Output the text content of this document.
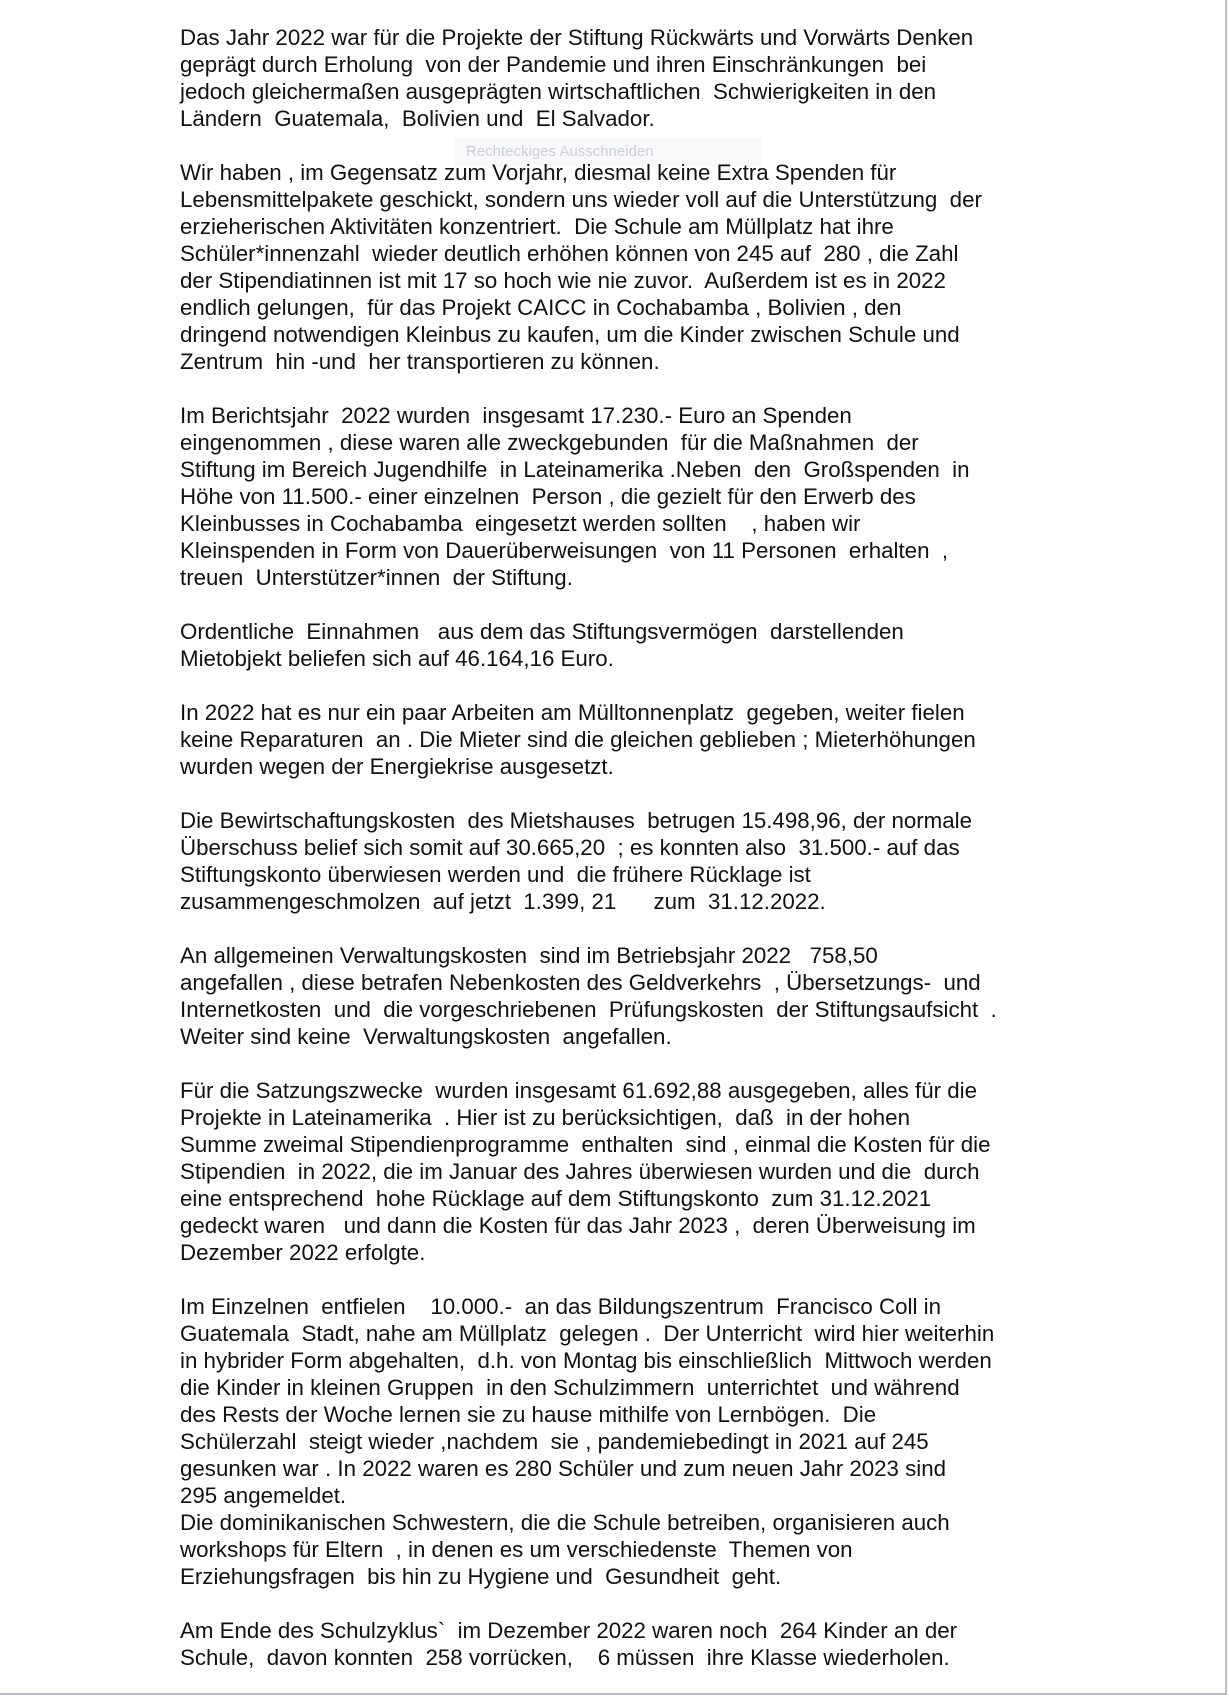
Rechteckiges Ausschneiden
Das Jahr 2022 war für die Projekte der Stiftung Rückwärts und Vorwärts Denken
geprägt durch Erholung  von der Pandemie und ihren Einschränkungen  bei
jedoch gleichermaßen ausgeprägten wirtschaftlichen  Schwierigkeiten in den
Ländern  Guatemala,  Bolivien und  El Salvador.
Wir haben , im Gegensatz zum Vorjahr, diesmal keine Extra Spenden für
Lebensmittelpakete geschickt, sondern uns wieder voll auf die Unterstützung  der
erzieherischen Aktivitäten konzentriert.  Die Schule am Müllplatz hat ihre
Schüler*innenzahl  wieder deutlich erhöhen können von 245 auf  280 , die Zahl
der Stipendiatinnen ist mit 17 so hoch wie nie zuvor.  Außerdem ist es in 2022
endlich gelungen,  für das Projekt CAICC in Cochabamba , Bolivien , den
dringend notwendigen Kleinbus zu kaufen, um die Kinder zwischen Schule und
Zentrum  hin -und  her transportieren zu können.
Im Berichtsjahr  2022 wurden  insgesamt 17.230.- Euro an Spenden
eingenommen , diese waren alle zweckgebunden  für die Maßnahmen  der
Stiftung im Bereich Jugendhilfe  in Lateinamerika .Neben  den  Großspenden  in
Höhe von 11.500.- einer einzelnen  Person , die gezielt für den Erwerb des
Kleinbusses in Cochabamba  eingesetzt werden sollten    , haben wir
Kleinspenden in Form von Dauerüberweisungen  von 11 Personen  erhalten  ,
treuen  Unterstützer*innen  der Stiftung.
Ordentliche  Einnahmen   aus dem das Stiftungsvermögen  darstellenden
Mietobjekt beliefen sich auf 46.164,16 Euro.
In 2022 hat es nur ein paar Arbeiten am Mülltonnenplatz  gegeben, weiter fielen
keine Reparaturen  an . Die Mieter sind die gleichen geblieben ; Mieterhöhungen
wurden wegen der Energiekrise ausgesetzt.
Die Bewirtschaftungskosten  des Mietshauses  betrugen 15.498,96, der normale
Überschuss belief sich somit auf 30.665,20  ; es konnten also  31.500.- auf das
Stiftungskonto überwiesen werden und  die frühere Rücklage ist
zusammengeschmolzen  auf jetzt  1.399, 21      zum  31.12.2022.
An allgemeinen Verwaltungskosten  sind im Betriebsjahr 2022   758,50
angefallen , diese betrafen Nebenkosten des Geldverkehrs  , Übersetzungs-  und
Internetkosten  und  die vorgeschriebenen  Prüfungskosten  der Stiftungsaufsicht  .
Weiter sind keine  Verwaltungskosten  angefallen.
Für die Satzungszwecke  wurden insgesamt 61.692,88 ausgegeben, alles für die
Projekte in Lateinamerika  . Hier ist zu berücksichtigen,  daß  in der hohen
Summe zweimal Stipendienprogramme  enthalten  sind , einmal die Kosten für die
Stipendien  in 2022, die im Januar des Jahres überwiesen wurden und die  durch
eine entsprechend  hohe Rücklage auf dem Stiftungskonto  zum 31.12.2021
gedeckt waren   und dann die Kosten für das Jahr 2023 ,  deren Überweisung im
Dezember 2022 erfolgte.
Im Einzelnen  entfielen    10.000.-  an das Bildungszentrum  Francisco Coll in
Guatemala  Stadt, nahe am Müllplatz  gelegen .  Der Unterricht  wird hier weiterhin
in hybrider Form abgehalten,  d.h. von Montag bis einschließlich  Mittwoch werden
die Kinder in kleinen Gruppen  in den Schulzimmern  unterrichtet  und während
des Rests der Woche lernen sie zu hause mithilfe von Lernbögen.  Die
Schülerzahl  steigt wieder ,nachdem  sie , pandemiebedingt in 2021 auf 245
gesunken war . In 2022 waren es 280 Schüler und zum neuen Jahr 2023 sind
295 angemeldet.
Die dominikanischen Schwestern, die die Schule betreiben, organisieren auch
workshops für Eltern  , in denen es um verschiedenste  Themen von
Erziehungsfragen  bis hin zu Hygiene und  Gesundheit  geht.
Am Ende des Schulzyklus`  im Dezember 2022 waren noch  264 Kinder an der
Schule,  davon konnten  258 vorrücken,    6 müssen  ihre Klasse wiederholen.
